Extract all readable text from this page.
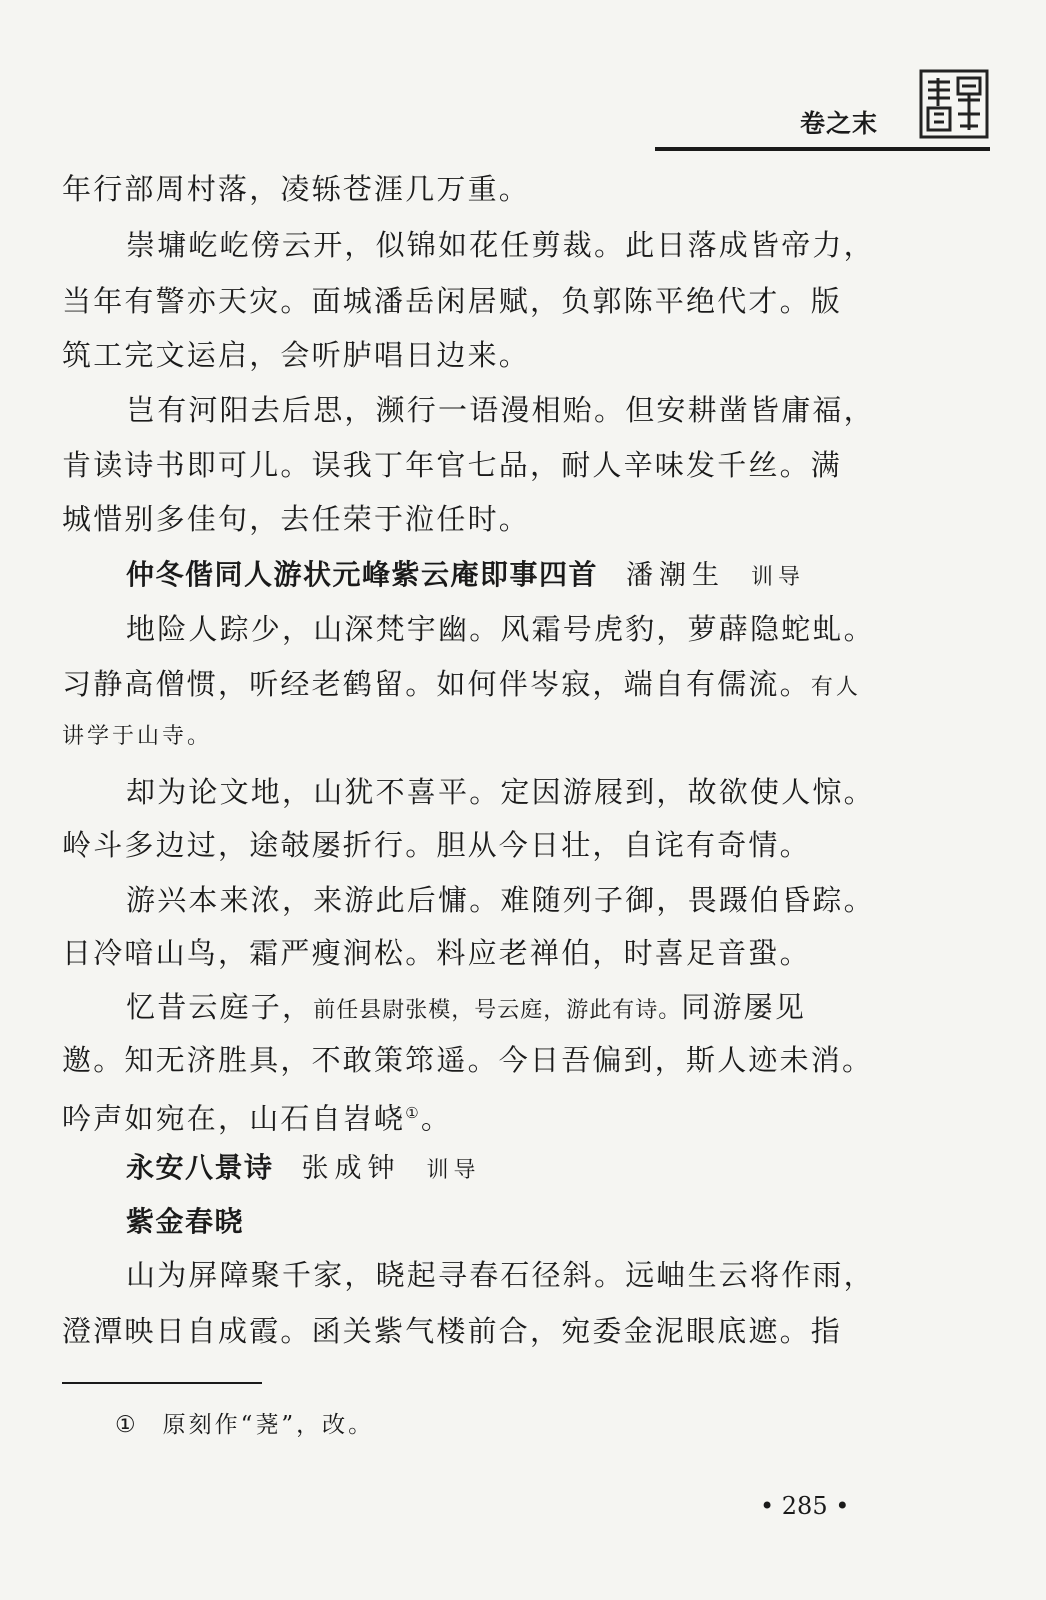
卷之末
年行部周村落，凌轹苍涯几万重。
崇墉屹屹傍云开，似锦如花任剪裁。此日落成皆帝力，
当年有警亦天灾。面城潘岳闲居赋，负郭陈平绝代才。版
筑工完文运启，会听胪唱日边来。
岂有河阳去后思，濒行一语漫相贻。但安耕凿皆庸福，
肯读诗书即可儿。误我丁年官七品，耐人辛味发千丝。满
城惜别多佳句，去任荣于涖任时。
仲冬偕同人游状元峰紫云庵即事四首 潘潮生 训导
地险人踪少，山深梵宇幽。风霜号虎豹，萝薜隐蛇虬。
习静高僧惯，听经老鹤留。如何伴岑寂，端自有儒流。有人
讲学于山寺。
却为论文地，山犹不喜平。定因游屐到，故欲使人惊。
岭斗多边过，途攲屡折行。胆从今日壮，自诧有奇情。
游兴本来浓，来游此后慵。难随列子御，畏蹑伯昏踪。
日冷喑山鸟，霜严瘦涧松。料应老禅伯，时喜足音蛩。
忆昔云庭子，前任县尉张模，号云庭，游此有诗。同游屡见
邀。知无济胜具，不敢策筇遥。今日吾偏到，斯人迹未消。
吟声如宛在，山石自岧峣①。
永安八景诗 张成钟 训导
紫金春晓
山为屏障聚千家，晓起寻春石径斜。远岫生云将作雨，
澄潭映日自成霞。函关紫气楼前合，宛委金泥眼底遮。指
① 原刻作“荛”，改。
• 285 •
